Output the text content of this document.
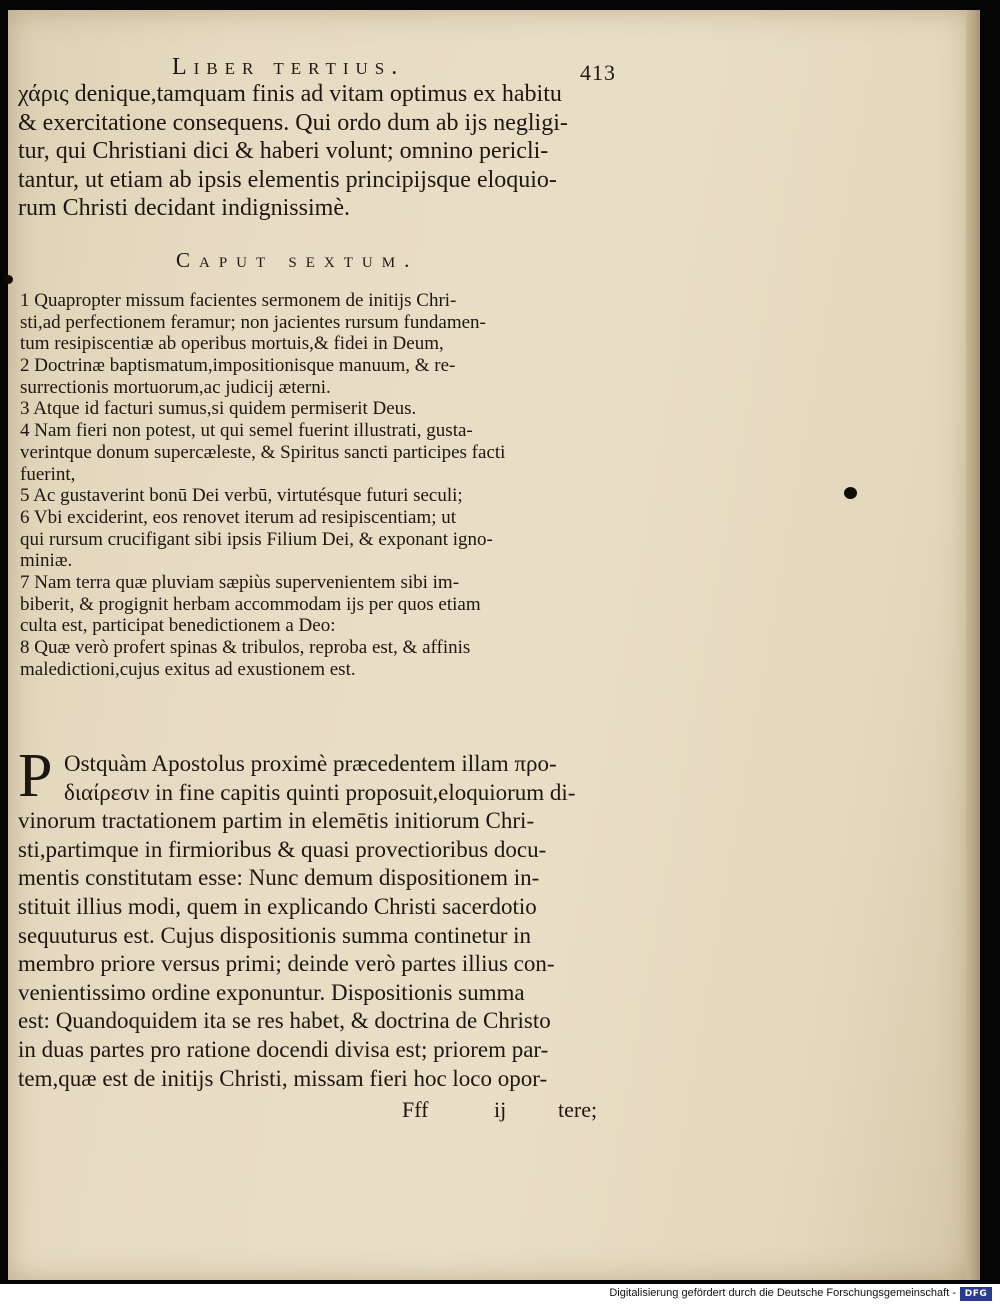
Liber tertius.	413
χάρις denique,tamquam finis ad vitam optimus ex habitu
& exercitatione consequens. Qui ordo dum ab ijs negligi-
tur, qui Christiani dici & haberi volunt; omnino pericli-
tantur, ut etiam ab ipsis elementis principijsque eloquio-
rum Christi decidant indignissimè.
Caput sextum.
1 Quapropter missum facientes sermonem de initijs Chri-
sti,ad perfectionem feramur; non jacientes rursum fundamen-
tum resipiscentiæ ab operibus mortuis,& fidei in Deum,
2 Doctrinæ baptismatum,impositionisque manuum, & re-
surrectionis mortuorum,ac judicij æterni.
3 Atque id facturi sumus,si quidem permiserit Deus.
4 Nam fieri non potest, ut qui semel fuerint illustrati, gusta-
verintque donum supercæleste, & Spiritus sancti participes facti
fuerint,
5 Ac gustaverint bonū Dei verbū, virtutésque futuri seculi;
6 Vbi exciderint, eos renovet iterum ad resipiscentiam; ut
qui rursum crucifigant sibi ipsis Filium Dei, & exponant igno-
miniæ.
7 Nam terra quæ pluviam sæpiùs supervenientem sibi im-
biberit, & progignit herbam accommodam ijs per quos etiam
culta est, participat benedictionem a Deo:
8 Quæ verò profert spinas & tribulos, reproba est, & affinis
maledictioni,cujus exitus ad exustionem est.
P Ostquàm Apostolus proximè præcedentem illam προ-
διαίρεσιν in fine capitis quinti proposuit,eloquiorum di-
vinorum tractationem partim in elemētis initiorum Chri-
sti,partimque in firmioribus & quasi provectioribus docu-
mentis constitutam esse: Nunc demum dispositionem in-
stituit illius modi, quem in explicando Christi sacerdotio
sequuturus est. Cujus dispositionis summa continetur in
membro priore versus primi; deinde verò partes illius con-
venientissimo ordine exponuntur. Dispositionis summa
est: Quandoquidem ita se res habet, & doctrina de Christo
in duas partes pro ratione docendi divisa est; priorem par-
tem,quæ est de initijs Christi, missam fieri hoc loco opor-
Fff	ij tere;
Digitalisierung gefördert durch die Deutsche Forschungsgemeinschaft - DFG
